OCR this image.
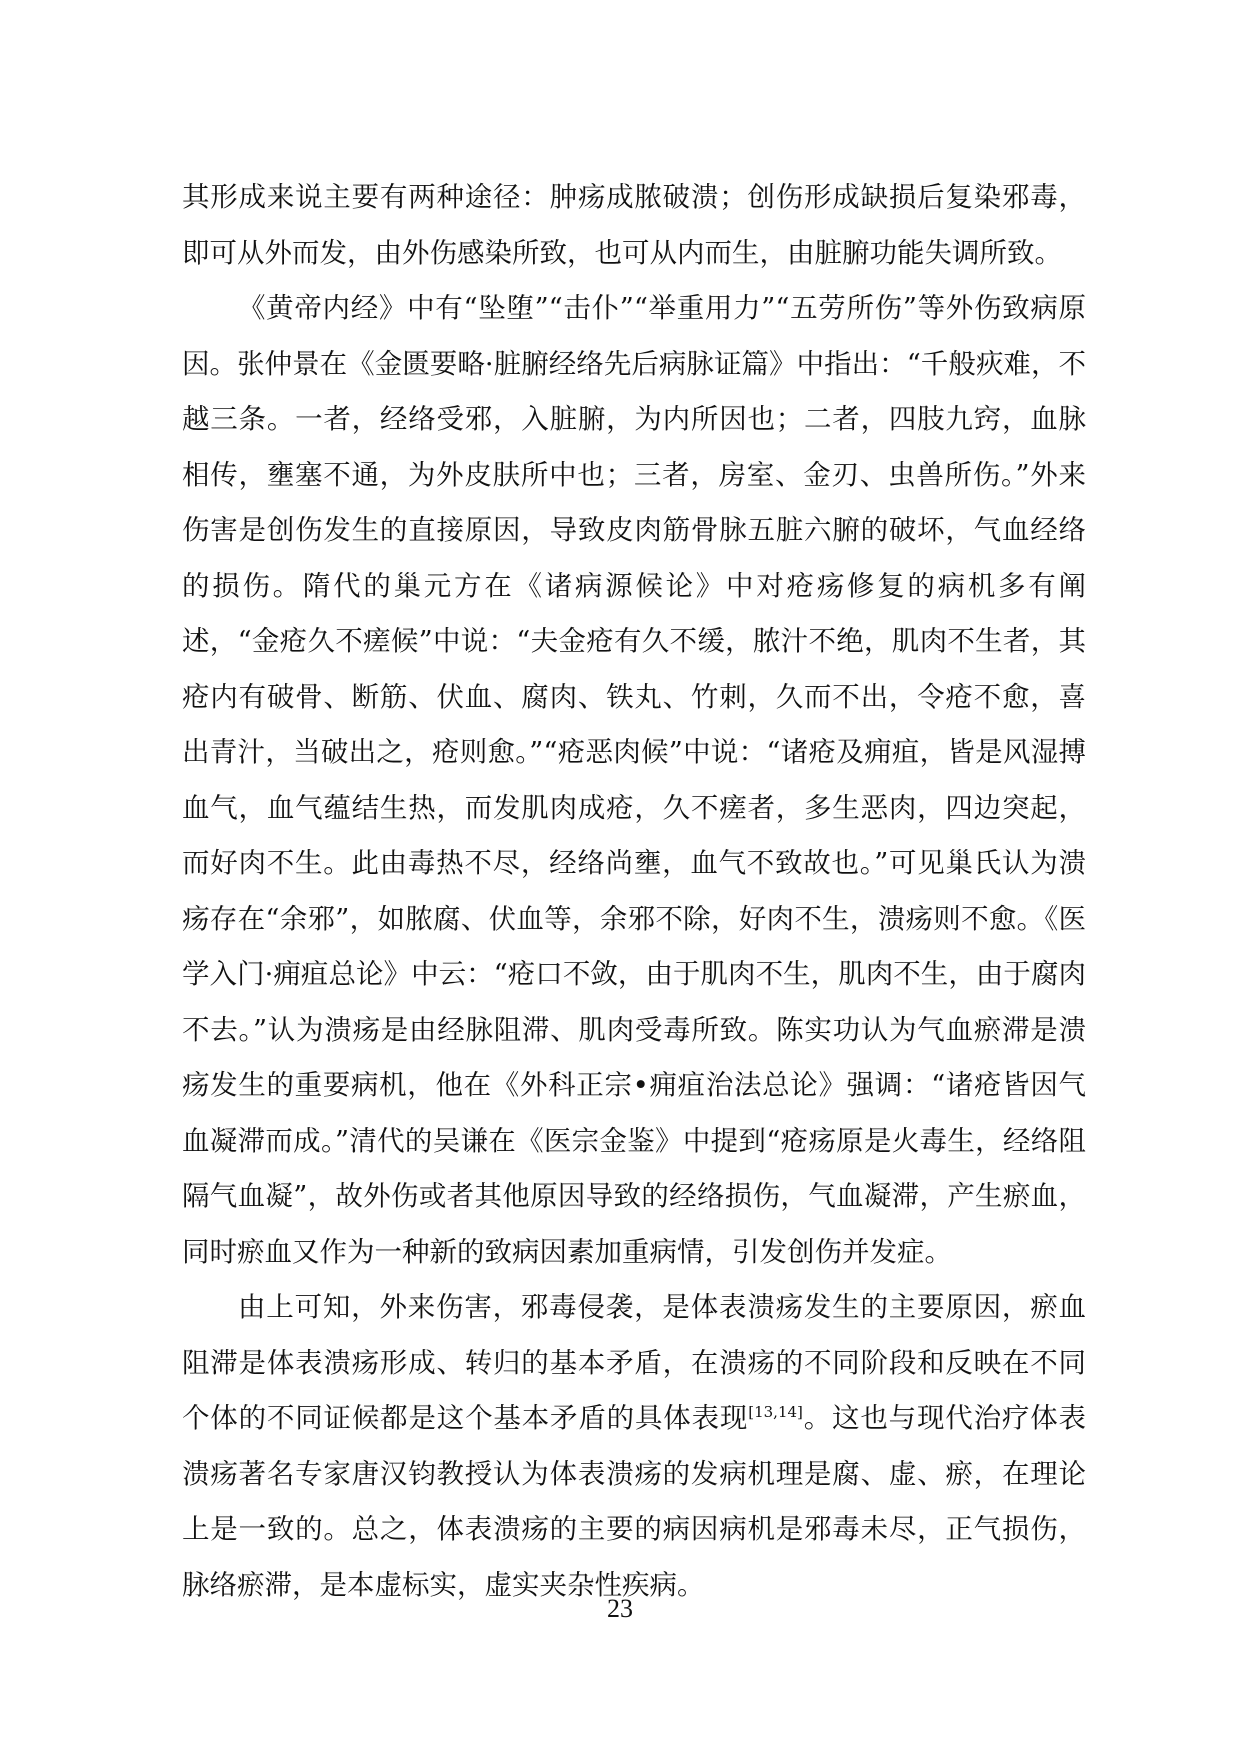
其形成来说主要有两种途径：肿疡成脓破溃；创伤形成缺损后复染邪毒，即可从外而发，由外伤感染所致，也可从内而生，由脏腑功能失调所致。

《黄帝内经》中有“坠堕”“击仆”“举重用力”“五劳所伤”等外伤致病原因。张仲景在《金匮要略·脏腑经络先后病脉证篇》中指出：“千般疢难，不越三条。一者，经络受邪，入脏腑，为内所因也；二者，四肢九窍，血脉相传，壅塞不通，为外皮肤所中也；三者，房室、金刃、虫兽所伤。”外来伤害是创伤发生的直接原因，导致皮肉筋骨脉五脏六腑的破坏，气血经络的损伤。隋代的巢元方在《诸病源候论》中对疮疡修复的病机多有阐述，“金疮久不瘥候”中说：“夫金疮有久不缓，脓汁不绝，肌肉不生者，其疮内有破骨、断筋、伏血、腐肉、铁丸、竹刺，久而不出，令疮不愈，喜出青汁，当破出之，疮则愈。”“疮恶肉候”中说：“诸疮及痈疽，皆是风湿搏血气，血气蕴结生热，而发肌肉成疮，久不瘥者，多生恶肉，四边突起，而好肉不生。此由毒热不尽，经络尚壅，血气不致故也。”可见巢氏认为溃疡存在“余邪”，如脓腐、伏血等，余邪不除，好肉不生，溃疡则不愈。《医学入门·痈疽总论》中云：“疮口不敛，由于肌肉不生，肌肉不生，由于腐肉不去。”认为溃疡是由经脉阻滞、肌肉受毒所致。陈实功认为气血瘀滞是溃疡发生的重要病机，他在《外科正宗•痈疽治法总论》强调：“诸疮皆因气血凝滞而成。”清代的吴谦在《医宗金鉴》中提到“疮疡原是火毒生，经络阻隔气血凝”，故外伤或者其他原因导致的经络损伤，气血凝滞，产生瘀血，同时瘀血又作为一种新的致病因素加重病情，引发创伤并发症。

由上可知，外来伤害，邪毒侵袭，是体表溃疡发生的主要原因，瘀血阻滞是体表溃疡形成、转归的基本矛盾，在溃疡的不同阶段和反映在不同个体的不同证候都是这个基本矛盾的具体表现[13,14]。这也与现代治疗体表溃疡著名专家唐汉钧教授认为体表溃疡的发病机理是腐、虚、瘀，在理论上是一致的。总之，体表溃疡的主要的病因病机是邪毒未尽，正气损伤，脉络瘀滞，是本虚标实，虚实夹杂性疾病。

23
